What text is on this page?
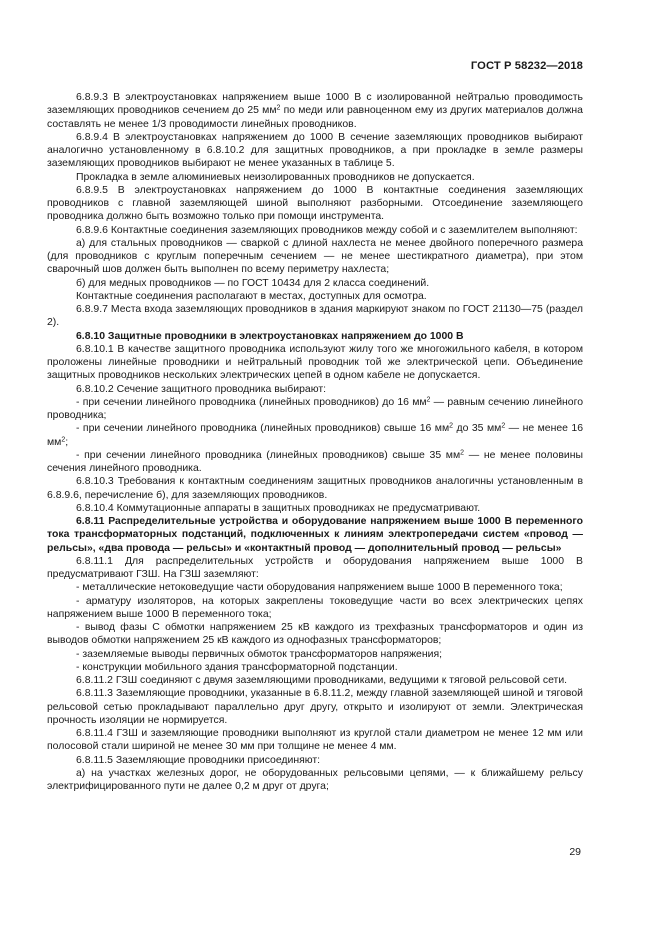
ГОСТ Р 58232—2018

6.8.9.3 В электроустановках напряжением выше 1000 В с изолированной нейтралью проводимость заземляющих проводников сечением до 25 $мм^2$ по меди или равноценном ему из других материалов должна составлять не менее 1/3 проводимости линейных проводников.

6.8.9.4 В электроустановках напряжением до 1000 В сечение заземляющих проводников выбирают аналогично установленному в 6.8.10.2 для защитных проводников, а при прокладке в земле размеры заземляющих проводников выбирают не менее указанных в таблице 5.

Прокладка в земле алюминиевых неизолированных проводников не допускается.

6.8.9.5 В электроустановках напряжением до 1000 В контактные соединения заземляющих проводников с главной заземляющей шиной выполняют разборными. Отсоединение заземляющего проводника должно быть возможно только при помощи инструмента.

6.8.9.6 Контактные соединения заземляющих проводников между собой и с заземлителем выполняют:

а) для стальных проводников — сваркой с длиной нахлеста не менее двойного поперечного размера (для проводников с круглым поперечным сечением — не менее шестикратного диаметра), при этом сварочный шов должен быть выполнен по всему периметру нахлеста;

б) для медных проводников — по ГОСТ 10434 для 2 класса соединений.

Контактные соединения располагают в местах, доступных для осмотра.

6.8.9.7 Места входа заземляющих проводников в здания маркируют знаком по ГОСТ 21130—75 (раздел 2).

6.8.10 Защитные проводники в электроустановках напряжением до 1000 В

6.8.10.1 В качестве защитного проводника используют жилу того же многожильного кабеля, в котором проложены линейные проводники и нейтральный проводник той же электрической цепи. Объединение защитных проводников нескольких электрических цепей в одном кабеле не допускается.

6.8.10.2 Сечение защитного проводника выбирают:

- при сечении линейного проводника (линейных проводников) до 16 $мм^2$ — равным сечению линейного проводника;

- при сечении линейного проводника (линейных проводников) свыше 16 $мм^2$ до 35 $мм^2$ — не менее 16 $мм^2$;

- при сечении линейного проводника (линейных проводников) свыше 35 $мм^2$ — не менее половины сечения линейного проводника.

6.8.10.3 Требования к контактным соединениям защитных проводников аналогичны установленным в 6.8.9.6, перечисление б), для заземляющих проводников.

6.8.10.4 Коммутационные аппараты в защитных проводниках не предусматривают.

6.8.11 Распределительные устройства и оборудование напряжением выше 1000 В переменного тока трансформаторных подстанций, подключенных к линиям электропередачи систем «провод — рельсы», «два провода — рельсы» и «контактный провод — дополнительный провод — рельсы»

6.8.11.1 Для распределительных устройств и оборудования напряжением выше 1000 В предусматривают ГЗШ. На ГЗШ заземляют:

- металлические нетоковедущие части оборудования напряжением выше 1000 В переменного тока;

- арматуру изоляторов, на которых закреплены токоведущие части во всех электрических цепях напряжением выше 1000 В переменного тока;

- вывод фазы С обмотки напряжением 25 кВ каждого из трехфазных трансформаторов и один из выводов обмотки напряжением 25 кВ каждого из однофазных трансформаторов;

- заземляемые выводы первичных обмоток трансформаторов напряжения;

- конструкции мобильного здания трансформаторной подстанции.

6.8.11.2 ГЗШ соединяют с двумя заземляющими проводниками, ведущими к тяговой рельсовой сети.

6.8.11.3 Заземляющие проводники, указанные в 6.8.11.2, между главной заземляющей шиной и тяговой рельсовой сетью прокладывают параллельно друг другу, открыто и изолируют от земли. Электрическая прочность изоляции не нормируется.

6.8.11.4 ГЗШ и заземляющие проводники выполняют из круглой стали диаметром не менее 12 мм или полосовой стали шириной не менее 30 мм при толщине не менее 4 мм.

6.8.11.5 Заземляющие проводники присоединяют:

а) на участках железных дорог, не оборудованных рельсовыми цепями, — к ближайшему рельсу электрифицированного пути не далее 0,2 м друг от друга;

29
